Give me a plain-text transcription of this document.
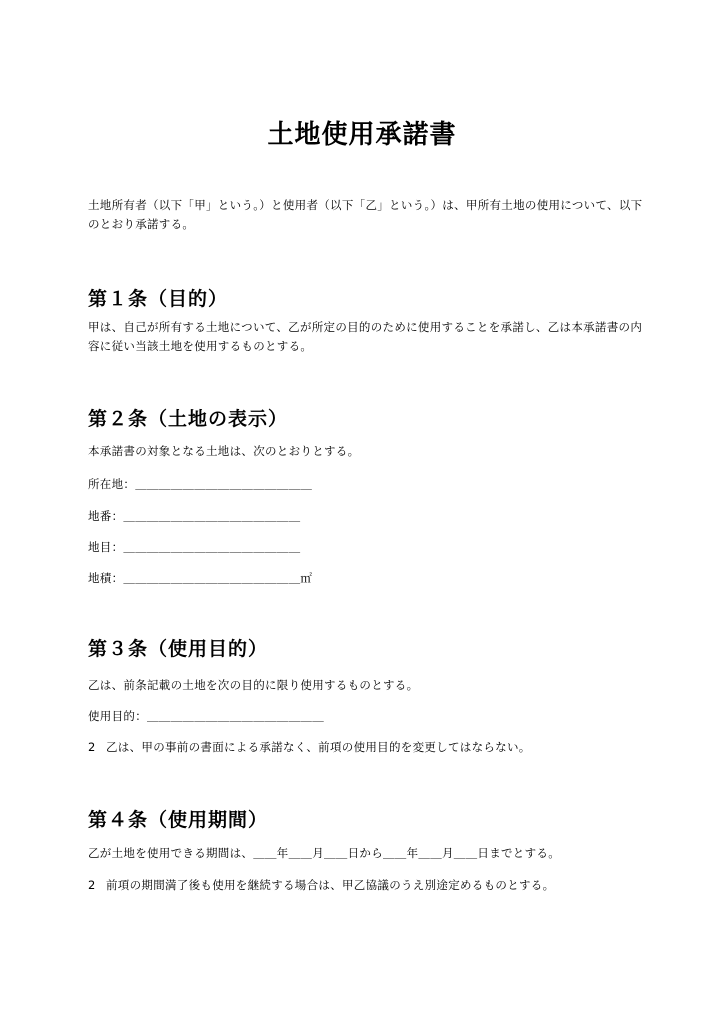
土地使用承諾書

土地所有者（以下「甲」という。）と使用者（以下「乙」という。）は、甲所有土地の使用について、以下のとおり承諾する。

第１条（目的）

甲は、自己が所有する土地について、乙が所定の目的のために使用することを承諾し、乙は本承諾書の内容に従い当該土地を使用するものとする。

第２条（土地の表示）

本承諾書の対象となる土地は、次のとおりとする。

所在地：＿＿＿＿＿＿＿＿＿＿＿＿＿＿＿

地番：＿＿＿＿＿＿＿＿＿＿＿＿＿＿＿

地目：＿＿＿＿＿＿＿＿＿＿＿＿＿＿＿

地積：＿＿＿＿＿＿＿＿＿＿＿＿＿＿＿㎡

第３条（使用目的）

乙は、前条記載の土地を次の目的に限り使用するものとする。

使用目的：＿＿＿＿＿＿＿＿＿＿＿＿＿＿＿

2 乙は、甲の事前の書面による承諾なく、前項の使用目的を変更してはならない。

第４条（使用期間）

乙が土地を使用できる期間は、＿＿年＿＿月＿＿日から＿＿年＿＿月＿＿日までとする。

2 前項の期間満了後も使用を継続する場合は、甲乙協議のうえ別途定めるものとする。
